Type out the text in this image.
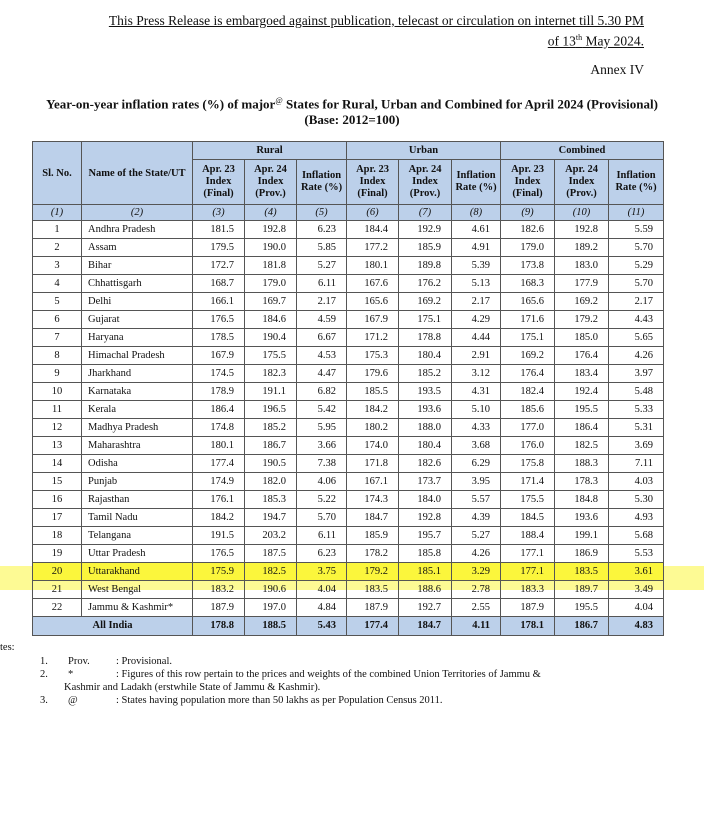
This Press Release is embargoed against publication, telecast or circulation on internet till 5.30 PM
of 13th May 2024.
Annex IV
Year-on-year inflation rates (%) of major@ States for Rural, Urban and Combined for April 2024 (Provisional)
(Base: 2012=100)
Sl. No.	Name of the State/UT	Rural			Urban			Combined		
		Apr. 23 Index (Final)	Apr. 24 Index (Prov.)	Inflation Rate (%)	Apr. 23 Index (Final)	Apr. 24 Index (Prov.)	Inflation Rate (%)	Apr. 23 Index (Final)	Apr. 24 Index (Prov.)	Inflation Rate (%)
(1)	(2)	(3)	(4)	(5)	(6)	(7)	(8)	(9)	(10)	(11)
1	Andhra Pradesh	181.5	192.8	6.23	184.4	192.9	4.61	182.6	192.8	5.59
2	Assam	179.5	190.0	5.85	177.2	185.9	4.91	179.0	189.2	5.70
3	Bihar	172.7	181.8	5.27	180.1	189.8	5.39	173.8	183.0	5.29
4	Chhattisgarh	168.7	179.0	6.11	167.6	176.2	5.13	168.3	177.9	5.70
5	Delhi	166.1	169.7	2.17	165.6	169.2	2.17	165.6	169.2	2.17
6	Gujarat	176.5	184.6	4.59	167.9	175.1	4.29	171.6	179.2	4.43
7	Haryana	178.5	190.4	6.67	171.2	178.8	4.44	175.1	185.0	5.65
8	Himachal Pradesh	167.9	175.5	4.53	175.3	180.4	2.91	169.2	176.4	4.26
9	Jharkhand	174.5	182.3	4.47	179.6	185.2	3.12	176.4	183.4	3.97
10	Karnataka	178.9	191.1	6.82	185.5	193.5	4.31	182.4	192.4	5.48
11	Kerala	186.4	196.5	5.42	184.2	193.6	5.10	185.6	195.5	5.33
12	Madhya Pradesh	174.8	185.2	5.95	180.2	188.0	4.33	177.0	186.4	5.31
13	Maharashtra	180.1	186.7	3.66	174.0	180.4	3.68	176.0	182.5	3.69
14	Odisha	177.4	190.5	7.38	171.8	182.6	6.29	175.8	188.3	7.11
15	Punjab	174.9	182.0	4.06	167.1	173.7	3.95	171.4	178.3	4.03
16	Rajasthan	176.1	185.3	5.22	174.3	184.0	5.57	175.5	184.8	5.30
17	Tamil Nadu	184.2	194.7	5.70	184.7	192.8	4.39	184.5	193.6	4.93
18	Telangana	191.5	203.2	6.11	185.9	195.7	5.27	188.4	199.1	5.68
19	Uttar Pradesh	176.5	187.5	6.23	178.2	185.8	4.26	177.1	186.9	5.53
20	Uttarakhand	175.9	182.5	3.75	179.2	185.1	3.29	177.1	183.5	3.61
21	West Bengal	183.2	190.6	4.04	183.5	188.6	2.78	183.3	189.7	3.49
22	Jammu & Kashmir*	187.9	197.0	4.84	187.9	192.7	2.55	187.9	195.5	4.04
All India		178.8	188.5	5.43	177.4	184.7	4.11	178.1	186.7	4.83
tes:
1. Prov. : Provisional.
2. *	: Figures of this row pertain to the prices and weights of the combined Union Territories of Jammu &
Kashmir and Ladakh (erstwhile State of Jammu & Kashmir).
3. @	: States having population more than 50 lakhs as per Population Census 2011.
